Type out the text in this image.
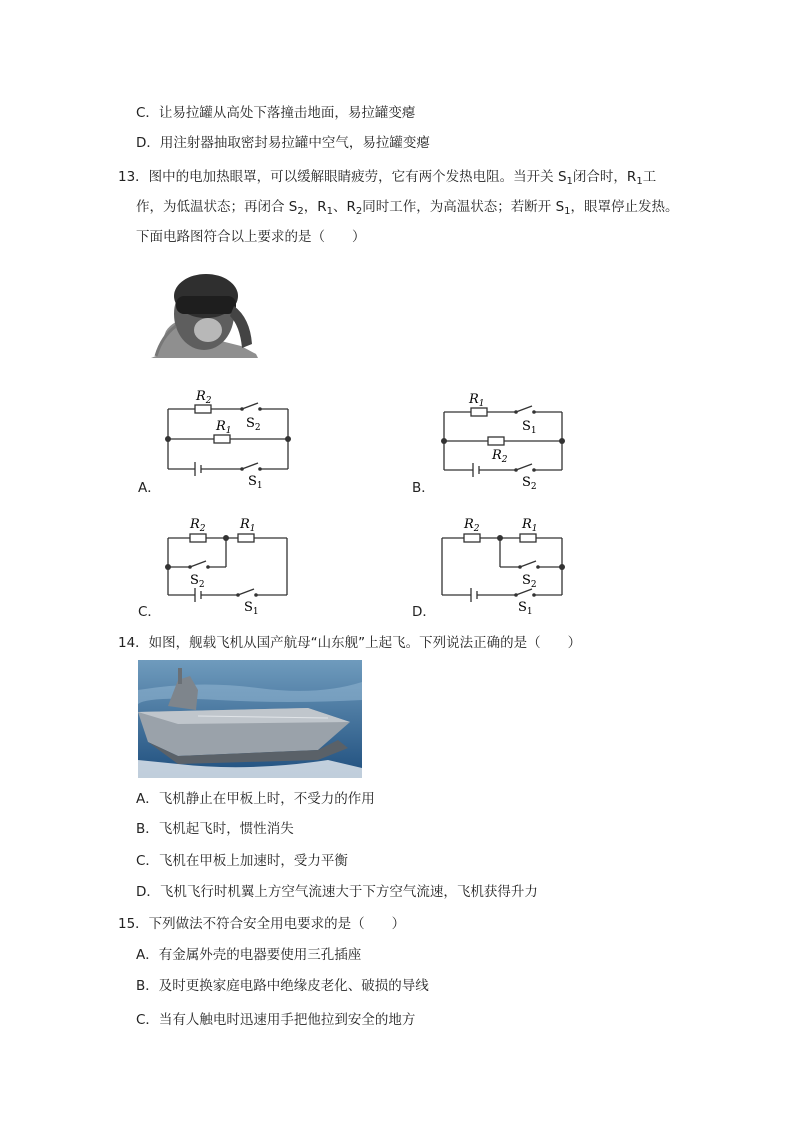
C．让易拉罐从高处下落撞击地面，易拉罐变瘪
D．用注射器抽取密封易拉罐中空气，易拉罐变瘪
13．图中的电加热眼罩，可以缓解眼睛疲劳，它有两个发热电阻。当开关 $S_1$闭合时，$R_1$工
作，为低温状态；再闭合 $S_2$，$R_1$、$R_2$同时工作，为高温状态；若断开 $S_1$，眼罩停止发热。
下面电路图符合以上要求的是（　　）
$R_2$
$S_2$
$R_1$
$S_1$
A．
$R_1$
$S_1$
$R_2$
$S_2$
B．
$R_2$	$R_1$
$S_2$
$S_1$
C．
$R_2$	$R_1$
$S_2$
$S_1$
D．
14．如图，舰载飞机从国产航母“山东舰”上起飞。下列说法正确的是（　　）
A．飞机静止在甲板上时，不受力的作用
B．飞机起飞时，惯性消失
C．飞机在甲板上加速时，受力平衡
D．飞机飞行时机翼上方空气流速大于下方空气流速，飞机获得升力
15．下列做法不符合安全用电要求的是（　　）
A．有金属外壳的电器要使用三孔插座
B．及时更换家庭电路中绝缘皮老化、破损的导线
C．当有人触电时迅速用手把他拉到安全的地方
